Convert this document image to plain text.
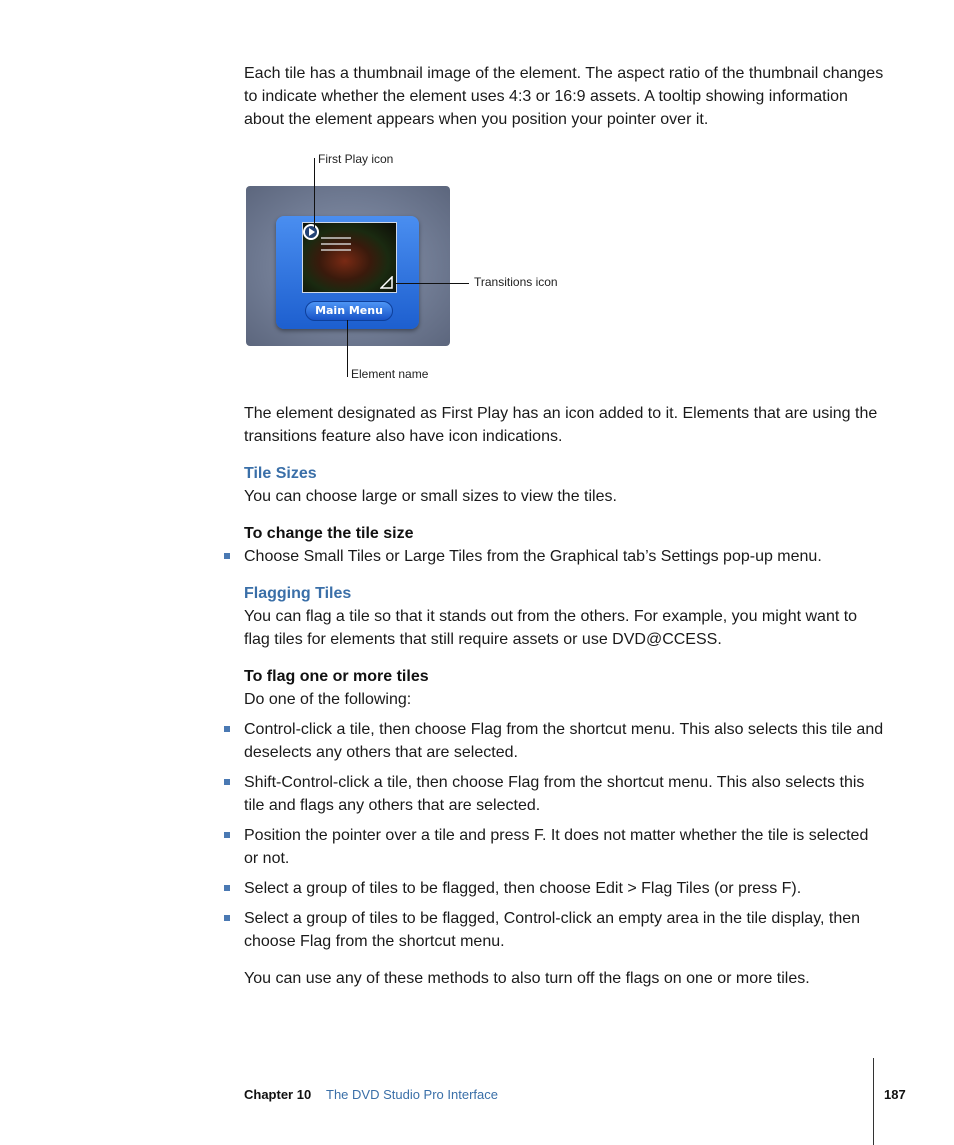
Each tile has a thumbnail image of the element. The aspect ratio of the thumbnail changes to indicate whether the element uses 4:3 or 16:9 assets. A tooltip showing information about the element appears when you position your pointer over it.

Main Menu
First Play icon
Transitions icon
Element name

The element designated as First Play has an icon added to it. Elements that are using the transitions feature also have icon indications.

Tile Sizes

You can choose large or small sizes to view the tiles.

To change the tile size

Choose Small Tiles or Large Tiles from the Graphical tab’s Settings pop-up menu.

Flagging Tiles

You can flag a tile so that it stands out from the others. For example, you might want to flag tiles for elements that still require assets or use DVD@CCESS.

To flag one or more tiles

Do one of the following:

Control-click a tile, then choose Flag from the shortcut menu. This also selects this tile and deselects any others that are selected.

Shift-Control-click a tile, then choose Flag from the shortcut menu. This also selects this tile and flags any others that are selected.

Position the pointer over a tile and press F. It does not matter whether the tile is selected or not.

Select a group of tiles to be flagged, then choose Edit > Flag Tiles (or press F).

Select a group of tiles to be flagged, Control-click an empty area in the tile display, then choose Flag from the shortcut menu.

You can use any of these methods to also turn off the flags on one or more tiles.

Chapter 10 The DVD Studio Pro Interface	187
